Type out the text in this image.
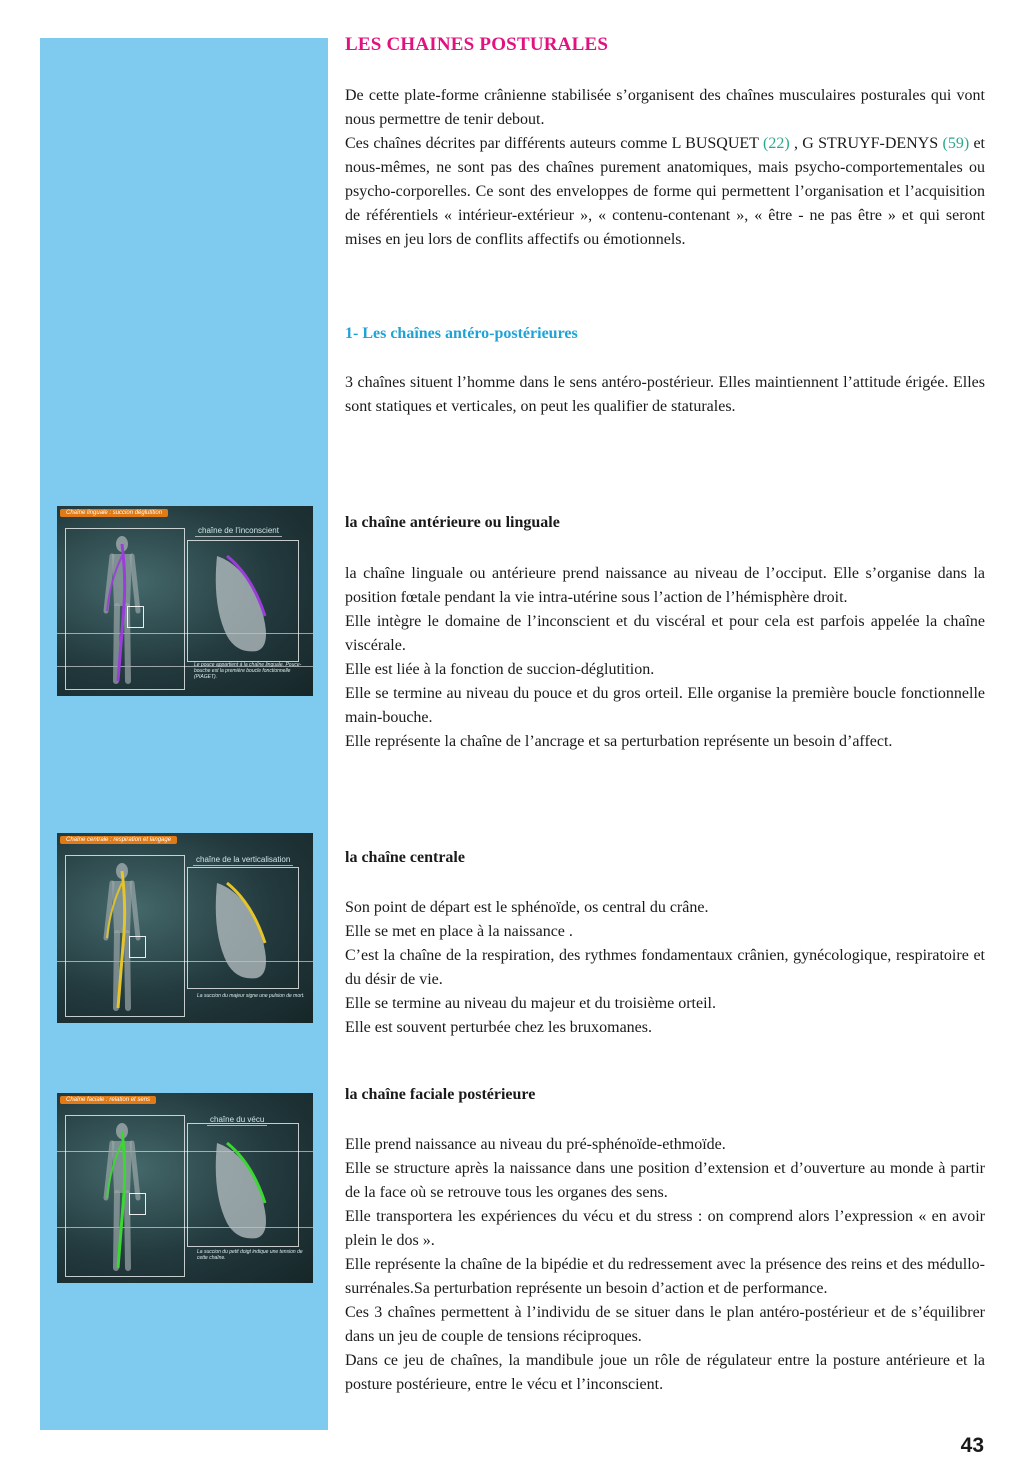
LES CHAINES POSTURALES

De cette plate-forme crânienne stabilisée s’organisent des chaînes musculaires posturales qui vont nous permettre de tenir debout.

Ces chaînes décrites par différents auteurs comme L BUSQUET (22) , G STRUYF-DENYS (59) et nous-mêmes, ne sont pas des chaînes purement anatomiques, mais psycho-comportementales ou psycho-corporelles. Ce sont des enveloppes de forme qui permettent l’organisation et l’acquisition de référentiels « intérieur-extérieur », « contenu-contenant », « être - ne pas être » et qui seront mises en jeu lors de conflits affectifs ou émotionnels.

1- Les chaînes antéro-postérieures
3 chaînes situent l’homme dans le sens antéro-postérieur. Elles maintiennent l’attitude érigée. Elles sont statiques et verticales, on peut les qualifier de staturales.
la chaîne antérieure ou linguale

la chaîne linguale ou antérieure prend naissance au niveau de l’occiput. Elle s’organise dans la position fœtale pendant la vie intra-utérine sous l’action de l’hémisphère droit.

Elle intègre le domaine de l’inconscient et du viscéral et pour cela est parfois appelée la chaîne viscérale.

Elle est liée à la fonction de succion-déglutition.

Elle se termine au niveau du pouce et du gros orteil. Elle organise la première boucle fonctionnelle main-bouche.

Elle représente la chaîne de l’ancrage et sa perturbation représente un besoin d’affect.

la chaîne centrale

Son point de départ est le sphénoïde, os central du crâne.

Elle se met en place à la naissance .

C’est la chaîne de la respiration, des rythmes fondamentaux crânien, gynécologique, respiratoire et du désir de vie.

Elle se termine au niveau du majeur et du troisième orteil.

Elle est souvent perturbée chez les bruxomanes.

la chaîne faciale postérieure

Elle prend naissance au niveau du pré-sphénoïde-ethmoïde.

Elle se structure après la naissance dans une position d’extension et d’ouverture au monde à partir de la face où se retrouve tous les organes des sens.

Elle transportera les expériences du vécu et du stress : on comprend alors l’expression « en avoir plein le dos ».

Elle représente la chaîne de la bipédie et du redressement avec la présence des reins et des médullo-surrénales.Sa perturbation représente un besoin d’action et de performance.

Ces 3 chaînes permettent à l’individu de se situer dans le plan antéro-postérieur et de s’équilibrer dans un jeu de couple de tensions réciproques.

Dans ce jeu de chaînes, la mandibule joue un rôle de régulateur entre la posture antérieure et la posture postérieure, entre le vécu et l’inconscient.

Chaîne linguale : succion déglutition
chaîne de l’inconscient
Le pouce appartient à la chaîne linguale. Pouce-bouche est la première boucle fonctionnelle (PIAGET).
Chaîne centrale : respiration et langage
chaîne de la verticalisation
La succion du majeur signe une pulsion de mort.
Chaîne faciale : relation et sens
chaîne du vécu
La succion du petit doigt indique une tension de cette chaîne.
43
